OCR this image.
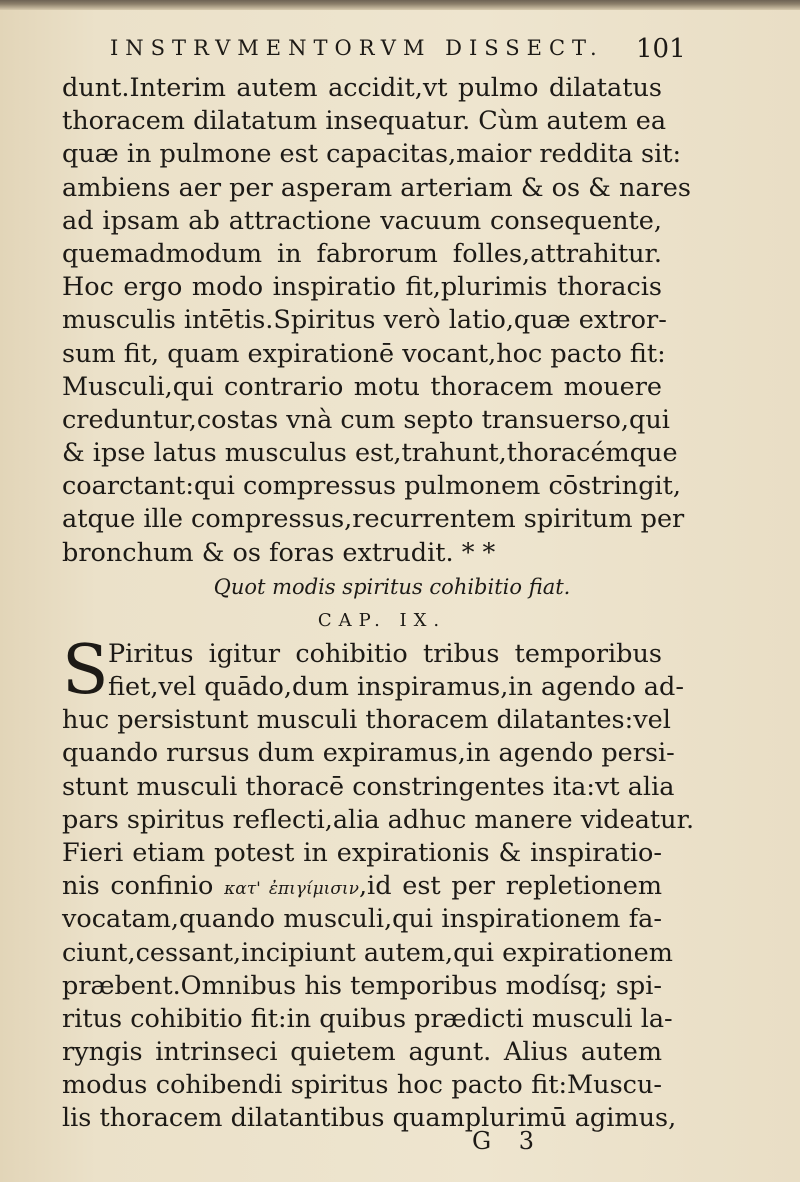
INSTRVMENTORVM DISSECT.	101
dunt.Interim autem accidit,vt pulmo dilatatus
thoracem dilatatum insequatur. Cùm autem ea
quæ in pulmone est capacitas,maior reddita sit:
ambiens aer per asperam arteriam & os & nares
ad ipsam ab attractione vacuum consequente,
quemadmodum in fabrorum folles,attrahitur.
Hoc ergo modo inspiratio fit,plurimis thoracis
musculis intētis.Spiritus verò latio,quæ extror-
sum fit, quam expirationē vocant,hoc pacto fit:
Musculi,qui contrario motu thoracem mouere
creduntur,costas vnà cum septo transuerso,qui
& ipse latus musculus est,trahunt,thoracémque
coarctant:qui compressus pulmonem cōstringit,
atque ille compressus,recurrentem spiritum per
bronchum & os foras extrudit. * *
Quot modis spiritus cohibitio fiat.
CAP. IX.
S Piritus igitur cohibitio tribus temporibus
fiet,vel quādo,dum inspiramus,in agendo ad-
huc persistunt musculi thoracem dilatantes:vel
quando rursus dum expiramus,in agendo persi-
stunt musculi thoracē constringentes ita:vt alia
pars spiritus reflecti,alia adhuc manere videatur.
Fieri etiam potest in expirationis & inspiratio-
nis confinio κατ' ἐπιγίμισιν,id est per repletionem
vocatam,quando musculi,qui inspirationem fa-
ciunt,cessant,incipiunt autem,qui expirationem
præbent.Omnibus his temporibus modísq; spi-
ritus cohibitio fit:in quibus prædicti musculi la-
ryngis intrinseci quietem agunt. Alius autem
modus cohibendi spiritus hoc pacto fit:Muscu-
lis thoracem dilatantibus quamplurimū agimus,
G 3
